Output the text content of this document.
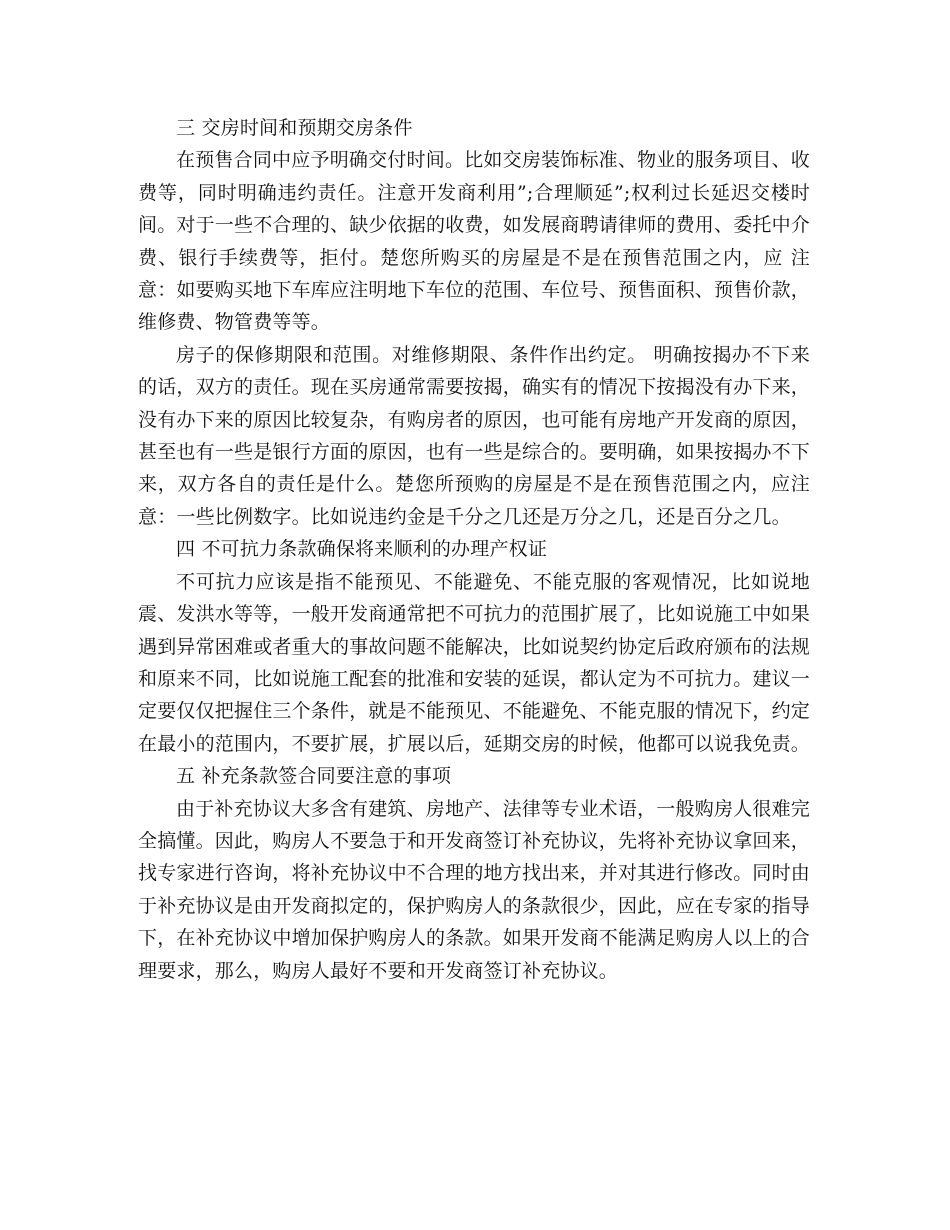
三 交房时间和预期交房条件

在预售合同中应予明确交付时间。比如交房装饰标准、物业的服务项目、收费等，同时明确违约责任。注意开发商利用”;合理顺延”;权利过长延迟交楼时间。对于一些不合理的、缺少依据的收费，如发展商聘请律师的费用、委托中介费、银行手续费等，拒付。楚您所购买的房屋是不是在预售范围之内，应 注意：如要购买地下车库应注明地下车位的范围、车位号、预售面积、预售价款，维修费、物管费等等。

房子的保修期限和范围。对维修期限、条件作出约定。 明确按揭办不下来的话，双方的责任。现在买房通常需要按揭，确实有的情况下按揭没有办下来，没有办下来的原因比较复杂，有购房者的原因，也可能有房地产开发商的原因，甚至也有一些是银行方面的原因，也有一些是综合的。要明确，如果按揭办不下来，双方各自的责任是什么。楚您所预购的房屋是不是在预售范围之内，应注意：一些比例数字。比如说违约金是千分之几还是万分之几，还是百分之几。

四 不可抗力条款确保将来顺利的办理产权证

不可抗力应该是指不能预见、不能避免、不能克服的客观情况，比如说地震、发洪水等等，一般开发商通常把不可抗力的范围扩展了，比如说施工中如果遇到异常困难或者重大的事故问题不能解决，比如说契约协定后政府颁布的法规和原来不同，比如说施工配套的批准和安装的延误，都认定为不可抗力。建议一定要仅仅把握住三个条件，就是不能预见、不能避免、不能克服的情况下，约定在最小的范围内，不要扩展，扩展以后，延期交房的时候，他都可以说我免责。

五 补充条款签合同要注意的事项

由于补充协议大多含有建筑、房地产、法律等专业术语，一般购房人很难完全搞懂。因此，购房人不要急于和开发商签订补充协议，先将补充协议拿回来，找专家进行咨询，将补充协议中不合理的地方找出来，并对其进行修改。同时由于补充协议是由开发商拟定的，保护购房人的条款很少，因此，应在专家的指导下，在补充协议中增加保护购房人的条款。如果开发商不能满足购房人以上的合理要求，那么，购房人最好不要和开发商签订补充协议。
